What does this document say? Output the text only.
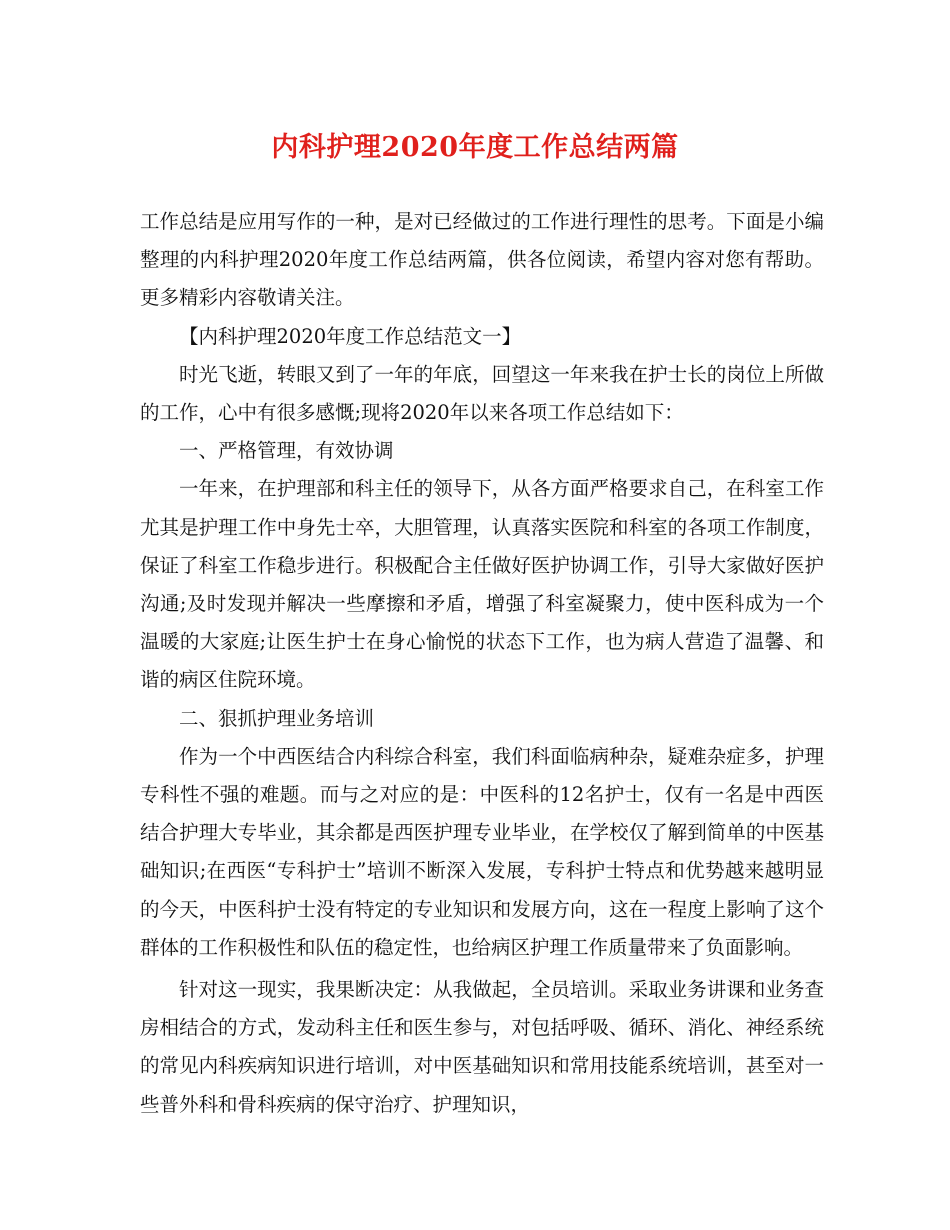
内科护理2020年度工作总结两篇

工作总结是应用写作的一种，是对已经做过的工作进行理性的思考。下面是小编整理的内科护理2020年度工作总结两篇，供各位阅读，希望内容对您有帮助。更多精彩内容敬请关注。

【内科护理2020年度工作总结范文一】

时光飞逝，转眼又到了一年的年底，回望这一年来我在护士长的岗位上所做的工作，心中有很多感慨;现将2020年以来各项工作总结如下：

一、严格管理，有效协调

一年来，在护理部和科主任的领导下，从各方面严格要求自己，在科室工作尤其是护理工作中身先士卒，大胆管理，认真落实医院和科室的各项工作制度，保证了科室工作稳步进行。积极配合主任做好医护协调工作，引导大家做好医护沟通;及时发现并解决一些摩擦和矛盾，增强了科室凝聚力，使中医科成为一个温暖的大家庭;让医生护士在身心愉悦的状态下工作，也为病人营造了温馨、和谐的病区住院环境。

二、狠抓护理业务培训

作为一个中西医结合内科综合科室，我们科面临病种杂，疑难杂症多，护理专科性不强的难题。而与之对应的是：中医科的12名护士，仅有一名是中西医结合护理大专毕业，其余都是西医护理专业毕业，在学校仅了解到简单的中医基础知识;在西医“专科护士”培训不断深入发展，专科护士特点和优势越来越明显的今天，中医科护士没有特定的专业知识和发展方向，这在一程度上影响了这个群体的工作积极性和队伍的稳定性，也给病区护理工作质量带来了负面影响。

针对这一现实，我果断决定：从我做起，全员培训。采取业务讲课和业务查房相结合的方式，发动科主任和医生参与，对包括呼吸、循环、消化、神经系统的常见内科疾病知识进行培训，对中医基础知识和常用技能系统培训，甚至对一些普外科和骨科疾病的保守治疗、护理知识，
